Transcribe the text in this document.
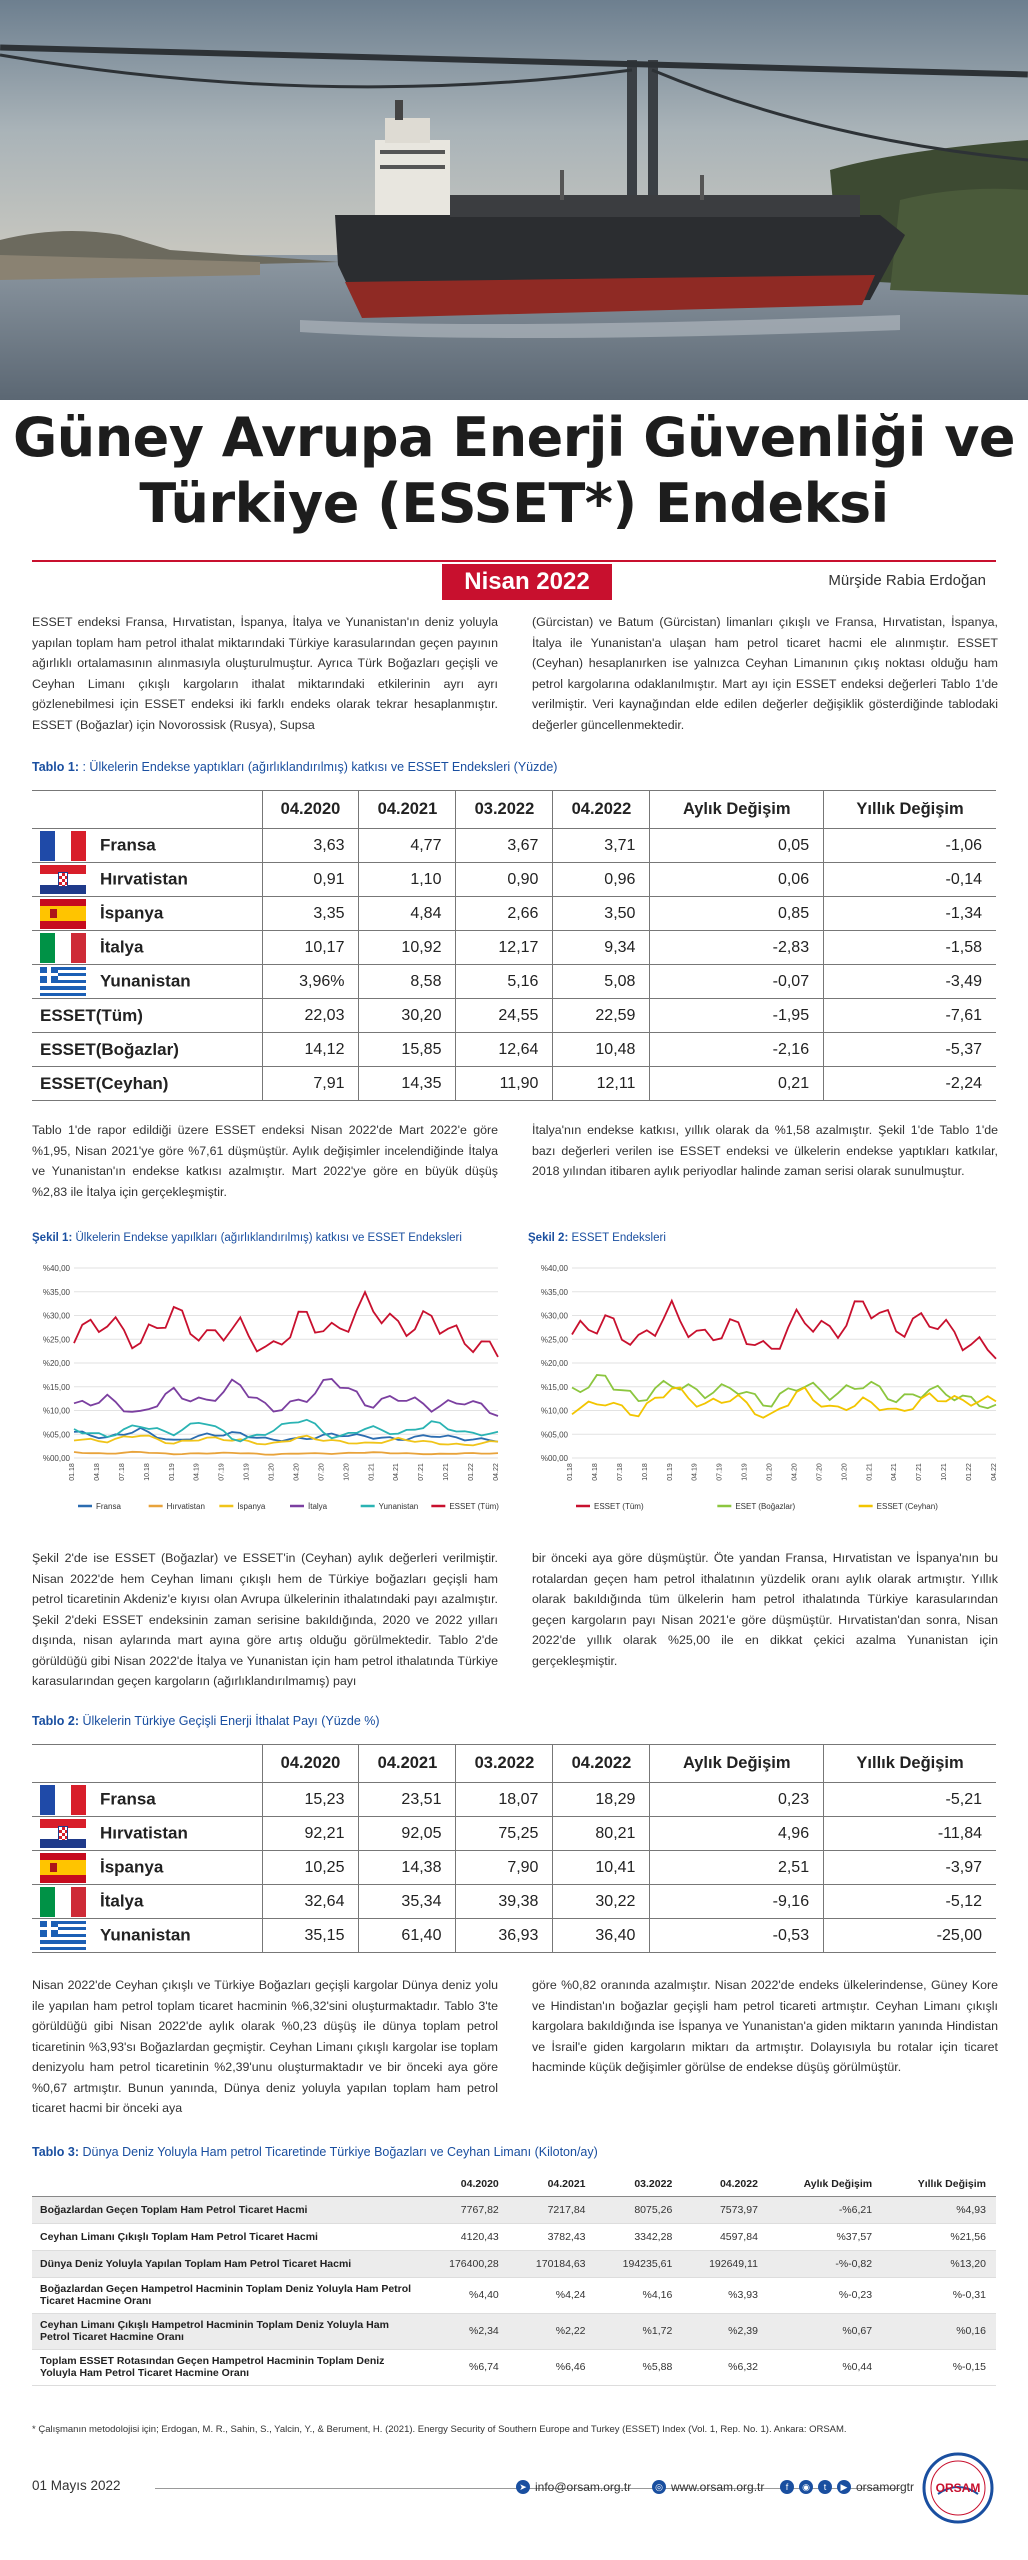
Güney Avrupa Enerji Güvenliği ve
Türkiye (ESSET*) Endeksi
Nisan 2022	Mürşide Rabia Erdoğan
ESSET endeksi Fransa, Hırvatistan, İspanya, İtalya ve Yunanistan'ın deniz yoluyla yapılan toplam ham petrol ithalat miktarındaki Türkiye karasularından geçen payının ağırlıklı ortalamasının alınmasıyla oluşturulmuştur. Ayrıca Türk Boğazları geçişli ve Ceyhan Limanı çıkışlı kargoların ithalat miktarındaki etkilerinin ayrı ayrı gözlenebilmesi için ESSET endeksi iki farklı endeks olarak tekrar hesaplanmıştır. ESSET (Boğazlar) için Novorossisk (Rusya), Supsa
(Gürcistan) ve Batum (Gürcistan) limanları çıkışlı ve Fransa, Hırvatistan, İspanya, İtalya ile Yunanistan'a ulaşan ham petrol ticaret hacmi ele alınmıştır. ESSET (Ceyhan) hesaplanırken ise yalnızca Ceyhan Limanının çıkış noktası olduğu ham petrol kargolarına odaklanılmıştır. Mart ayı için ESSET endeksi değerleri Tablo 1'de verilmiştir. Veri kaynağından elde edilen değerler değişiklik gösterdiğinde tablodaki değerler güncellenmektedir.
Tablo 1: : Ülkelerin Endekse yaptıkları (ağırlıklandırılmış) katkısı ve ESSET Endeksleri (Yüzde)
	04.2020	04.2021	03.2022	04.2022	Aylık Değişim	Yıllık Değişim

Fransa	3,63	4,77	3,67	3,71	0,05	-1,06

Hırvatistan	0,91	1,10	0,90	0,96	0,06	-0,14

İspanya	3,35	4,84	2,66	3,50	0,85	-1,34

İtalya	10,17	10,92	12,17	9,34	-2,83	-1,58

Yunanistan	3,96%	8,58	5,16	5,08	-0,07	-3,49
ESSET(Tüm)	22,03	30,20	24,55	22,59	-1,95	-7,61
ESSET(Boğazlar)	14,12	15,85	12,64	10,48	-2,16	-5,37
ESSET(Ceyhan)	7,91	14,35	11,90	12,11	0,21	-2,24
Tablo 1'de rapor edildiği üzere ESSET endeksi Nisan 2022'de Mart 2022'e göre %1,95, Nisan 2021'ye göre %7,61 düşmüştür. Aylık değişimler incelendiğinde İtalya ve Yunanistan'ın endekse katkısı azalmıştır. Mart 2022'ye göre en büyük düşüş %2,83 ile İtalya için gerçekleşmiştir.
İtalya'nın endekse katkısı, yıllık olarak da %1,58 azalmıştır. Şekil 1'de Tablo 1'de bazı değerleri verilen ise ESSET endeksi ve ülkelerin endekse yaptıkları katkılar, 2018 yılından itibaren aylık periyodlar halinde zaman serisi olarak sunulmuştur.
Şekil 1: Ülkelerin Endekse yapılkları (ağırlıklandırılmış) katkısı ve ESSET Endeksleri	Şekil 2: ESSET Endeksleri
%00,00
%05,00
%10,00
%15,00
%20,00
%25,00
%30,00
%35,00
%40,00
01.18	04.18	07.18	10.18	01.19	04.19	07.19	10.19	01.20	04.20	07.20	10.20	01.21	04.21	07.21	10.21	01.22	04.22
Fransa	Hırvatistan	İspanya	İtalya	Yunanistan	ESSET (Tüm)
%00,00
%05,00
%10,00
%15,00
%20,00
%25,00
%30,00
%35,00
%40,00
01.18	04.18	07.18	10.18	01.19	04.19	07.19	10.19	01.20	04.20	07.20	10.20	01.21	04.21	07.21	10.21	01.22	04.22
ESSET (Tüm)	ESET (Boğazlar)	ESSET (Ceyhan)
Şekil 2'de ise ESSET (Boğazlar) ve ESSET'in (Ceyhan) aylık değerleri verilmiştir. Nisan 2022'de hem Ceyhan limanı çıkışlı hem de Türkiye boğazları geçişli ham petrol ticaretinin Akdeniz'e kıyısı olan Avrupa ülkelerinin ithalatındaki payı azalmıştır. Şekil 2'deki ESSET endeksinin zaman serisine bakıldığında, 2020 ve 2022 yılları dışında, nisan aylarında mart ayına göre artış olduğu görülmektedir. Tablo 2'de görüldüğü gibi Nisan 2022'de İtalya ve Yunanistan için ham petrol ithalatında Türkiye karasularından geçen kargoların (ağırlıklandırılmamış) payı
bir önceki aya göre düşmüştür. Öte yandan Fransa, Hırvatistan ve İspanya'nın bu rotalardan geçen ham petrol ithalatının yüzdelik oranı aylık olarak artmıştır. Yıllık olarak bakıldığında tüm ülkelerin ham petrol ithalatında Türkiye karasularından geçen kargoların payı Nisan 2021'e göre düşmüştür. Hırvatistan'dan sonra, Nisan 2022'de yıllık olarak %25,00 ile en dikkat çekici azalma Yunanistan için gerçekleşmiştir.
Tablo 2: Ülkelerin Türkiye Geçişli Enerji İthalat Payı (Yüzde %)
	04.2020	04.2021	03.2022	04.2022	Aylık Değişim	Yıllık Değişim

Fransa	15,23	23,51	18,07	18,29	0,23	-5,21

Hırvatistan	92,21	92,05	75,25	80,21	4,96	-11,84

İspanya	10,25	14,38	7,90	10,41	2,51	-3,97

İtalya	32,64	35,34	39,38	30,22	-9,16	-5,12

Yunanistan	35,15	61,40	36,93	36,40	-0,53	-25,00
Nisan 2022'de Ceyhan çıkışlı ve Türkiye Boğazları geçişli kargolar Dünya deniz yolu ile yapılan ham petrol toplam ticaret hacminin %6,32'sini oluşturmaktadır. Tablo 3'te görüldüğü gibi Nisan 2022'de aylık olarak %0,23 düşüş ile dünya toplam petrol ticaretinin %3,93'sı Boğazlardan geçmiştir. Ceyhan Limanı çıkışlı kargolar ise toplam denizyolu ham petrol ticaretinin %2,39'unu oluşturmaktadır ve bir önceki aya göre %0,67 artmıştır. Bunun yanında, Dünya deniz yoluyla yapılan toplam ham petrol ticaret hacmi bir önceki aya
göre %0,82 oranında azalmıştır. Nisan 2022'de endeks ülkelerindense, Güney Kore ve Hindistan'ın boğazlar geçişli ham petrol ticareti artmıştır. Ceyhan Limanı çıkışlı kargolara bakıldığında ise İspanya ve Yunanistan'a giden miktarın yanında Hindistan ve İsrail'e giden kargoların miktarı da artmıştır. Dolayısıyla bu rotalar için ticaret hacminde küçük değişimler görülse de endekse düşüş görülmüştür.
Tablo 3: Dünya Deniz Yoluyla Ham petrol Ticaretinde Türkiye Boğazları ve Ceyhan Limanı (Kiloton/ay)
	04.2020	04.2021	03.2022	04.2022	Aylık Değişim	Yıllık Değişim
Boğazlardan Geçen Toplam Ham Petrol Ticaret Hacmi	7767,82	7217,84	8075,26	7573,97	-%6,21	%4,93
Ceyhan Limanı Çıkışlı Toplam Ham Petrol Ticaret Hacmi	4120,43	3782,43	3342,28	4597,84	%37,57	%21,56
Dünya Deniz Yoluyla Yapılan Toplam Ham Petrol Ticaret Hacmi	176400,28	170184,63	194235,61	192649,11	-%-0,82	%13,20
Boğazlardan Geçen Hampetrol Hacminin Toplam Deniz Yoluyla Ham Petrol Ticaret Hacmine Oranı	%4,40	%4,24	%4,16	%3,93	%-0,23	%-0,31
Ceyhan Limanı Çıkışlı Hampetrol Hacminin Toplam Deniz Yoluyla Ham Petrol Ticaret Hacmine Oranı	%2,34	%2,22	%1,72	%2,39	%0,67	%0,16
Toplam ESSET Rotasından Geçen Hampetrol Hacminin Toplam Deniz Yoluyla Ham Petrol Ticaret Hacmine Oranı	%6,74	%6,46	%5,88	%6,32	%0,44	%-0,15
* Çalışmanın metodolojisi için; Erdogan, M. R., Sahin, S., Yalcin, Y., & Berument, H. (2021). Energy Security of Southern Europe and Turkey (ESSET) Index (Vol. 1, Rep. No. 1). Ankara: ORSAM.
01 Mayıs 2022	➤ info@orsam.org.tr	◎ www.orsam.org.tr	f	◉	t	▶ orsamorgtr ORSAM
